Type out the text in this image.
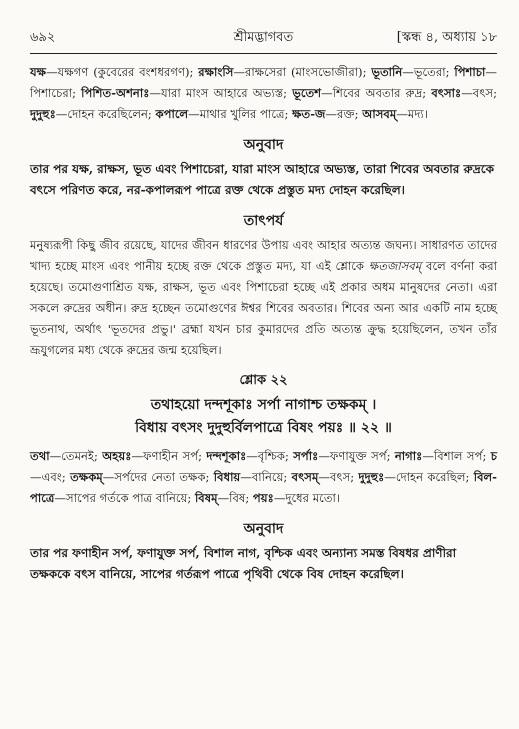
৬৯২	শ্রীমদ্ভাগবত	[স্কন্ধ ৪, অধ্যায় ১৮

যক্ষ—যক্ষগণ (কুবেরের বংশধরগণ); রক্ষাংসি—রাক্ষসেরা (মাংসভোজীরা); ভূতানি—ভূতেরা; পিশাচা—পিশাচেরা; পিশিত-অশনাঃ—যারা মাংস আহারে অভ্যস্ত; ভূতেশ—শিবের অবতার রুদ্র; বৎসাঃ—বৎস; দুদুহুঃ—দোহন করেছিলেন; কপালে—মাথার খুলির পাত্রে; ক্ষত-জ—রক্ত; আসবম্—মদ্য।

অনুবাদ

তার পর যক্ষ, রাক্ষস, ভূত এবং পিশাচেরা, যারা মাংস আহারে অভ্যস্ত, তারা শিবের অবতার রুদ্রকে বৎসে পরিণত করে, নর-কপালরূপ পাত্রে রক্ত থেকে প্রস্তুত মদ্য দোহন করেছিল।

তাৎপর্য

মনুষ্যরূপী কিছু জীব রয়েছে, যাদের জীবন ধারণের উপায় এবং আহার অত্যন্ত জঘন্য। সাধারণত তাদের খাদ্য হচ্ছে মাংস এবং পানীয় হচ্ছে রক্ত থেকে প্রস্তুত মদ্য, যা এই শ্লোকে ক্ষতজাসবম্ বলে বর্ণনা করা হয়েছে। তমোগুণাশ্রিত যক্ষ, রাক্ষস, ভূত এবং পিশাচেরা হচ্ছে এই প্রকার অধম মানুষদের নেতা। এরা সকলে রুদ্রের অধীন। রুদ্র হচ্ছেন তমোগুণের ঈশ্বর শিবের অবতার। শিবের অন্য আর একটি নাম হচ্ছে ভূতনাথ, অর্থাৎ 'ভূতদের প্রভু।' ব্রহ্মা যখন চার কুমারদের প্রতি অত্যন্ত ক্রুদ্ধ হয়েছিলেন, তখন তাঁর ভ্রূযুগলের মধ্য থেকে রুদ্রের জন্ম হয়েছিল।

শ্লোক ২২

তথাহয়ো দন্দশূকাঃ সর্পা নাগাশ্চ তক্ষকম্ ।

বিধায় বৎসং দুদুহুর্বিলপাত্রে বিষং পয়ঃ ॥ ২২ ॥

তথা—তেমনই; অহয়ঃ—ফণাহীন সর্প; দন্দশূকাঃ—বৃশ্চিক; সর্পাঃ—ফণাযুক্ত সর্প; নাগাঃ—বিশাল সর্প; চ—এবং; তক্ষকম্—সর্পদের নেতা তক্ষক; বিধায়—বানিয়ে; বৎসম্—বৎস; দুদুহুঃ—দোহন করেছিল; বিল-পাত্রে—সাপের গর্তকে পাত্র বানিয়ে; বিষম্—বিষ; পয়ঃ—দুধের মতো।

অনুবাদ

তার পর ফণাহীন সর্প, ফণাযুক্ত সর্প, বিশাল নাগ, বৃশ্চিক এবং অন্যান্য সমস্ত বিষধর প্রাণীরা তক্ষককে বৎস বানিয়ে, সাপের গর্তরূপ পাত্রে পৃথিবী থেকে বিষ দোহন করেছিল।
